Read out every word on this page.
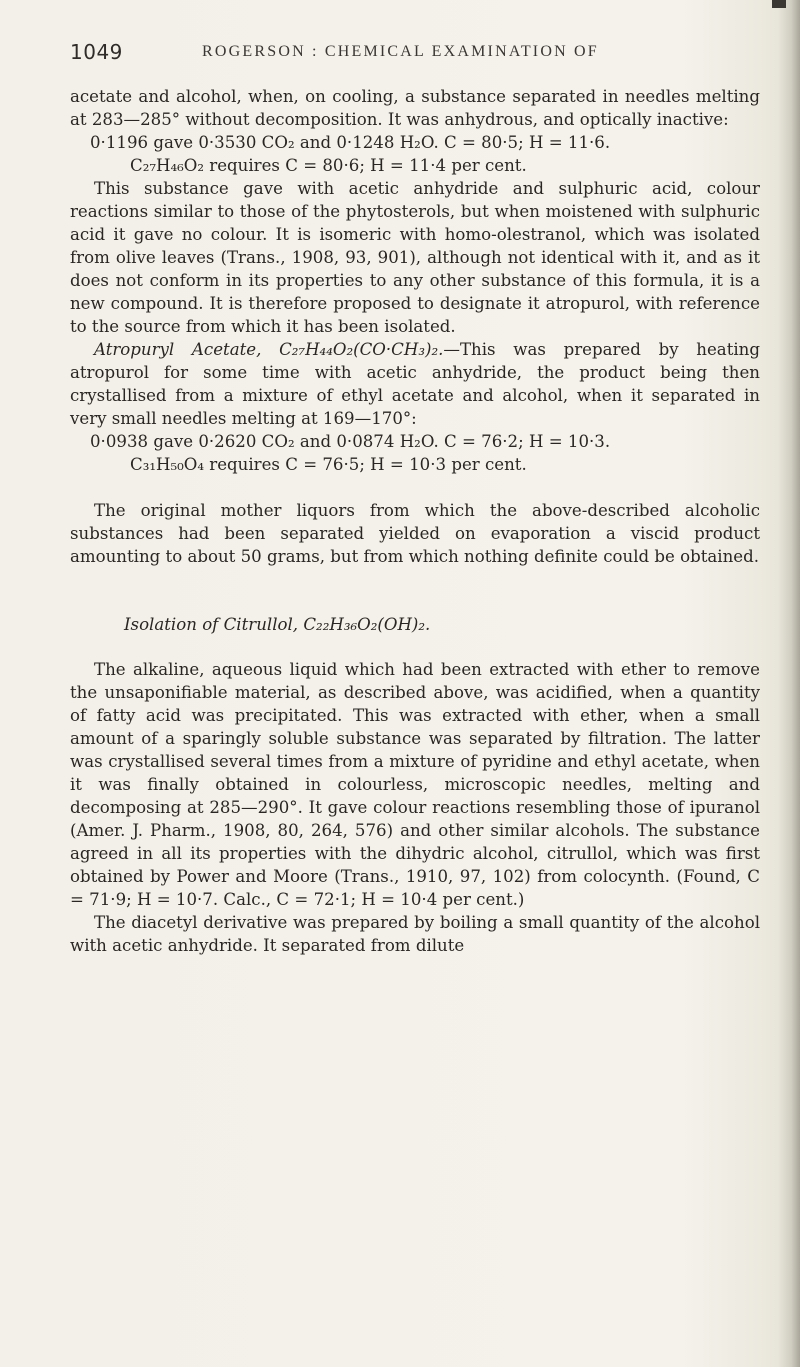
1049	ROGERSON : CHEMICAL EXAMINATION OF

acetate and alcohol, when, on cooling, a substance separated in needles melting at 283—285° without decomposition. It was anhydrous, and optically inactive:

0·1196 gave 0·3530 CO₂ and 0·1248 H₂O. C = 80·5; H = 11·6.

C₂₇H₄₆O₂ requires C = 80·6; H = 11·4 per cent.

This substance gave with acetic anhydride and sulphuric acid, colour reactions similar to those of the phytosterols, but when moistened with sulphuric acid it gave no colour. It is isomeric with homo-olestranol, which was isolated from olive leaves (Trans., 1908, 93, 901), although not identical with it, and as it does not conform in its properties to any other substance of this formula, it is a new compound. It is therefore proposed to designate it atropurol, with reference to the source from which it has been isolated.

Atropuryl Acetate, C₂₇H₄₄O₂(CO·CH₃)₂.—This was prepared by heating atropurol for some time with acetic anhydride, the product being then crystallised from a mixture of ethyl acetate and alcohol, when it separated in very small needles melting at 169—170°:

0·0938 gave 0·2620 CO₂ and 0·0874 H₂O. C = 76·2; H = 10·3.

C₃₁H₅₀O₄ requires C = 76·5; H = 10·3 per cent.

The original mother liquors from which the above-described alcoholic substances had been separated yielded on evaporation a viscid product amounting to about 50 grams, but from which nothing definite could be obtained.

Isolation of Citrullol, C₂₂H₃₆O₂(OH)₂.

The alkaline, aqueous liquid which had been extracted with ether to remove the unsaponifiable material, as described above, was acidified, when a quantity of fatty acid was precipitated. This was extracted with ether, when a small amount of a sparingly soluble substance was separated by filtration. The latter was crystallised several times from a mixture of pyridine and ethyl acetate, when it was finally obtained in colourless, microscopic needles, melting and decomposing at 285—290°. It gave colour reactions resembling those of ipuranol (Amer. J. Pharm., 1908, 80, 264, 576) and other similar alcohols. The substance agreed in all its properties with the dihydric alcohol, citrullol, which was first obtained by Power and Moore (Trans., 1910, 97, 102) from colocynth. (Found, C = 71·9; H = 10·7. Calc., C = 72·1; H = 10·4 per cent.)

The diacetyl derivative was prepared by boiling a small quantity of the alcohol with acetic anhydride. It separated from dilute
